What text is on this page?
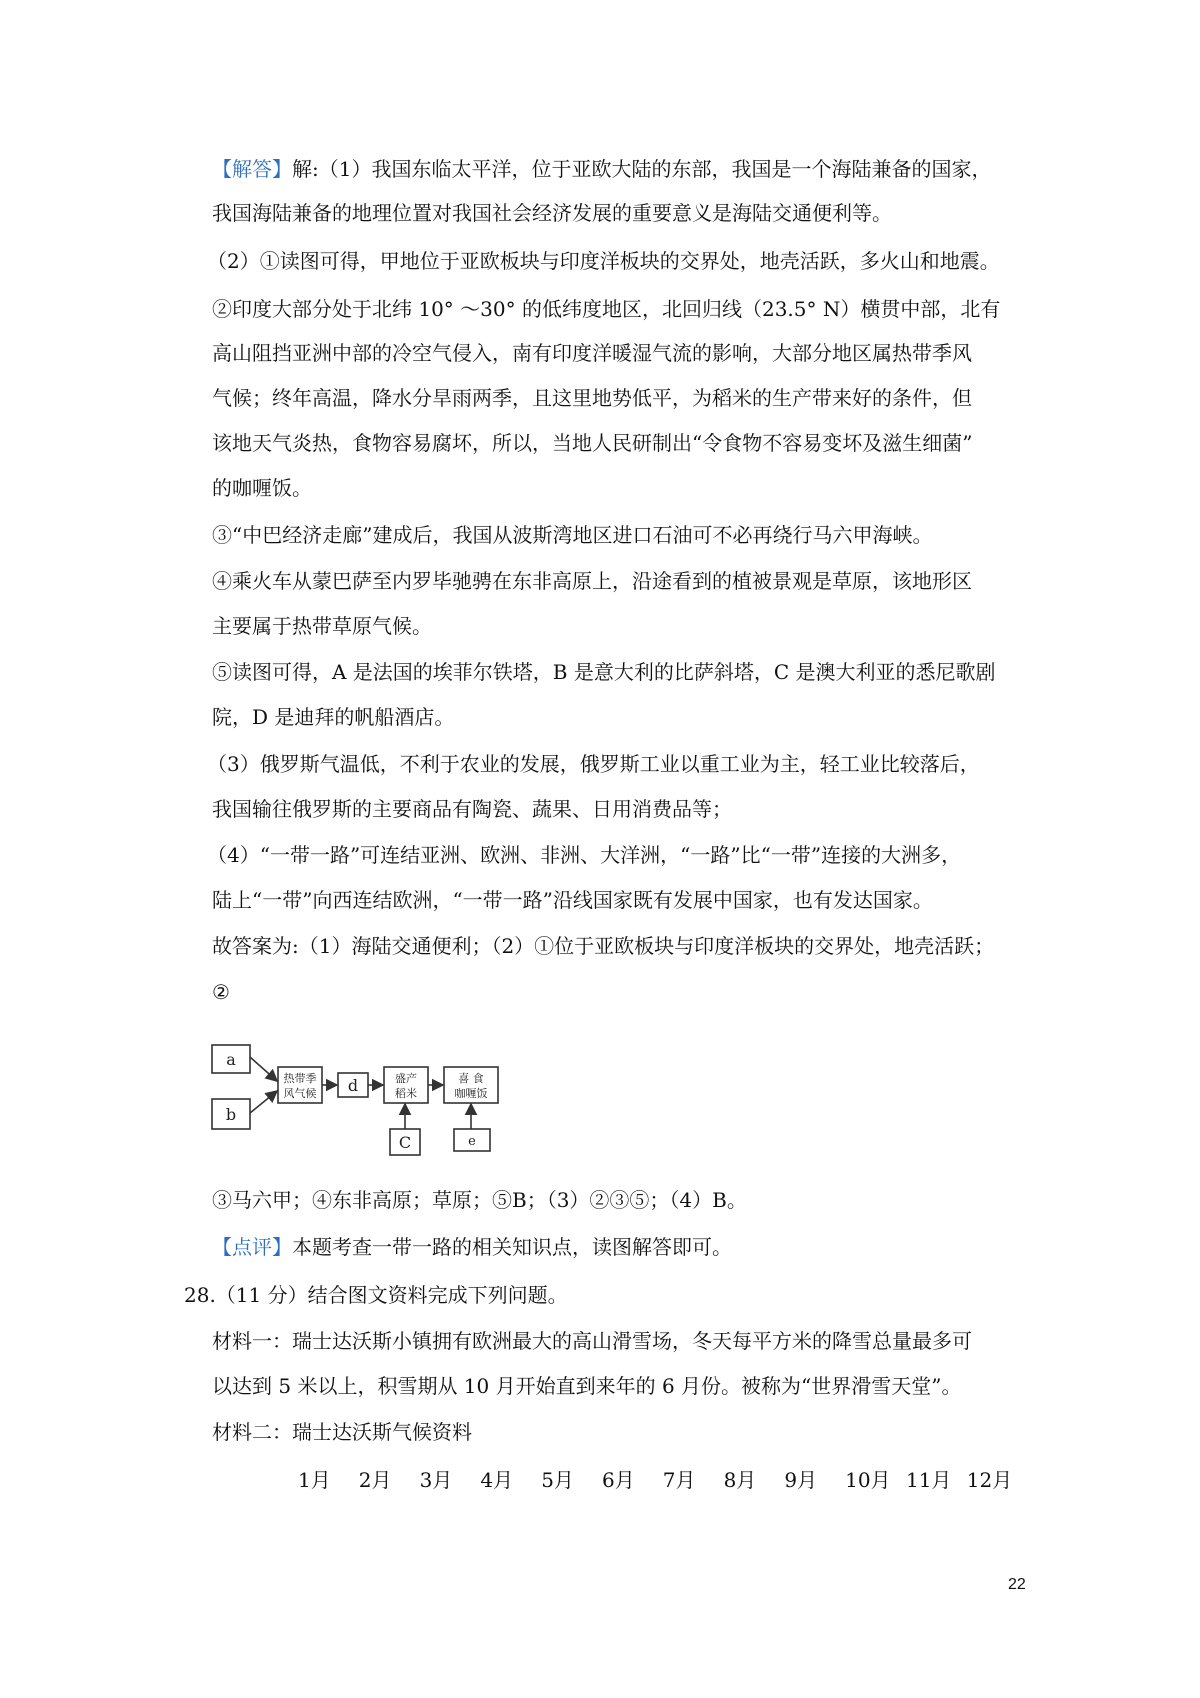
【解答】解:（1）我国东临太平洋，位于亚欧大陆的东部，我国是一个海陆兼备的国家，
我国海陆兼备的地理位置对我国社会经济发展的重要意义是海陆交通便利等。
（2）①读图可得，甲地位于亚欧板块与印度洋板块的交界处，地壳活跃，多火山和地震。
②印度大部分处于北纬 10° ～30° 的低纬度地区，北回归线（23.5° N）横贯中部，北有
高山阻挡亚洲中部的冷空气侵入，南有印度洋暖湿气流的影响，大部分地区属热带季风
气候；终年高温，降水分旱雨两季，且这里地势低平，为稻米的生产带来好的条件，但
该地天气炎热，食物容易腐坏，所以，当地人民研制出“令食物不容易变坏及滋生细菌”
的咖喱饭。
③“中巴经济走廊”建成后，我国从波斯湾地区进口石油可不必再绕行马六甲海峡。
④乘火车从蒙巴萨至内罗毕驰骋在东非高原上，沿途看到的植被景观是草原，该地形区
主要属于热带草原气候。
⑤读图可得，A 是法国的埃菲尔铁塔，B 是意大利的比萨斜塔，C 是澳大利亚的悉尼歌剧
院，D 是迪拜的帆船酒店。
（3）俄罗斯气温低，不利于农业的发展，俄罗斯工业以重工业为主，轻工业比较落后，
我国输往俄罗斯的主要商品有陶瓷、蔬果、日用消费品等；
（4）“一带一路”可连结亚洲、欧洲、非洲、大洋洲，“一路”比“一带”连接的大洲多，
陆上“一带”向西连结欧洲，“一带一路”沿线国家既有发展中国家，也有发达国家。
故答案为:（1）海陆交通便利；（2）①位于亚欧板块与印度洋板块的交界处，地壳活跃；
②
a
b
热带季
风气候 d	盛产
稻米
喜 食
咖喱饭
C	e
③马六甲；④东非高原；草原；⑤B；（3）②③⑤；（4）B。
【点评】本题考查一带一路的相关知识点，读图解答即可。
28.（11 分）结合图文资料完成下列问题。
材料一：瑞士达沃斯小镇拥有欧洲最大的高山滑雪场，冬天每平方米的降雪总量最多可
以达到 5 米以上，积雪期从 10 月开始直到来年的 6 月份。被称为“世界滑雪天堂”。
材料二：瑞士达沃斯气候资料
1月	2月	3月	4月	5月	6月	7月	8月	9月	10月 11月 12月
22
